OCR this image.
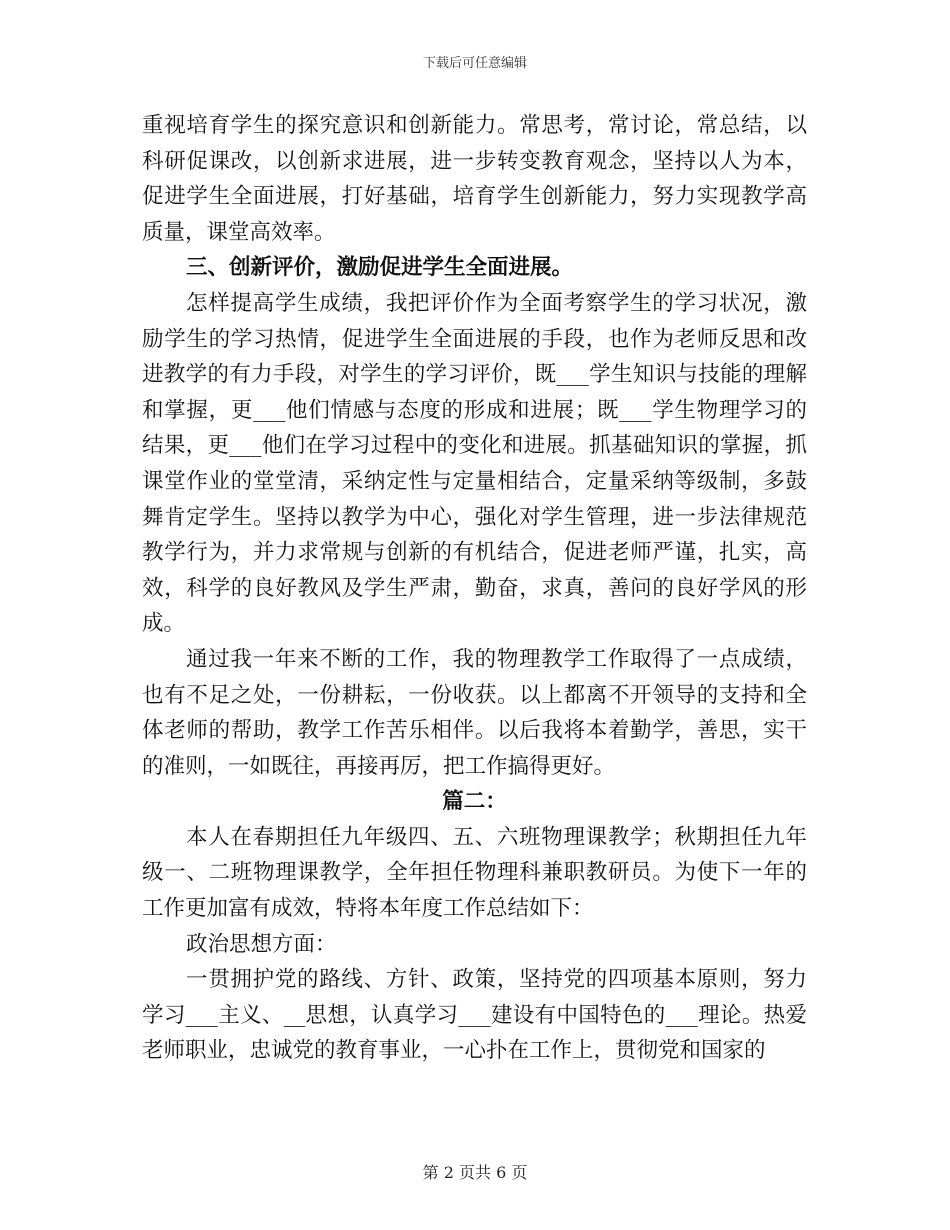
下载后可任意编辑

重视培育学生的探究意识和创新能力。常思考，常讨论，常总结，以科研促课改，以创新求进展，进一步转变教育观念，坚持以人为本，促进学生全面进展，打好基础，培育学生创新能力，努力实现教学高质量，课堂高效率。

三、创新评价，激励促进学生全面进展。

怎样提高学生成绩，我把评价作为全面考察学生的学习状况，激励学生的学习热情，促进学生全面进展的手段，也作为老师反思和改进教学的有力手段，对学生的学习评价，既___学生知识与技能的理解和掌握，更___他们情感与态度的形成和进展；既___学生物理学习的结果，更___他们在学习过程中的变化和进展。抓基础知识的掌握，抓课堂作业的堂堂清，采纳定性与定量相结合，定量采纳等级制，多鼓舞肯定学生。坚持以教学为中心，强化对学生管理，进一步法律规范教学行为，并力求常规与创新的有机结合，促进老师严谨，扎实，高效，科学的良好教风及学生严肃，勤奋，求真，善问的良好学风的形成。

通过我一年来不断的工作，我的物理教学工作取得了一点成绩，也有不足之处，一份耕耘，一份收获。以上都离不开领导的支持和全体老师的帮助，教学工作苦乐相伴。以后我将本着勤学，善思，实干的准则，一如既往，再接再厉，把工作搞得更好。

篇二：

本人在春期担任九年级四、五、六班物理课教学；秋期担任九年级一、二班物理课教学，全年担任物理科兼职教研员。为使下一年的工作更加富有成效，特将本年度工作总结如下：

政治思想方面：

一贯拥护党的路线、方针、政策，坚持党的四项基本原则，努力学习___主义、__思想，认真学习___建设有中国特色的___理论。热爱老师职业，忠诚党的教育事业，一心扑在工作上，贯彻党和国家的

第 2 页共 6 页
